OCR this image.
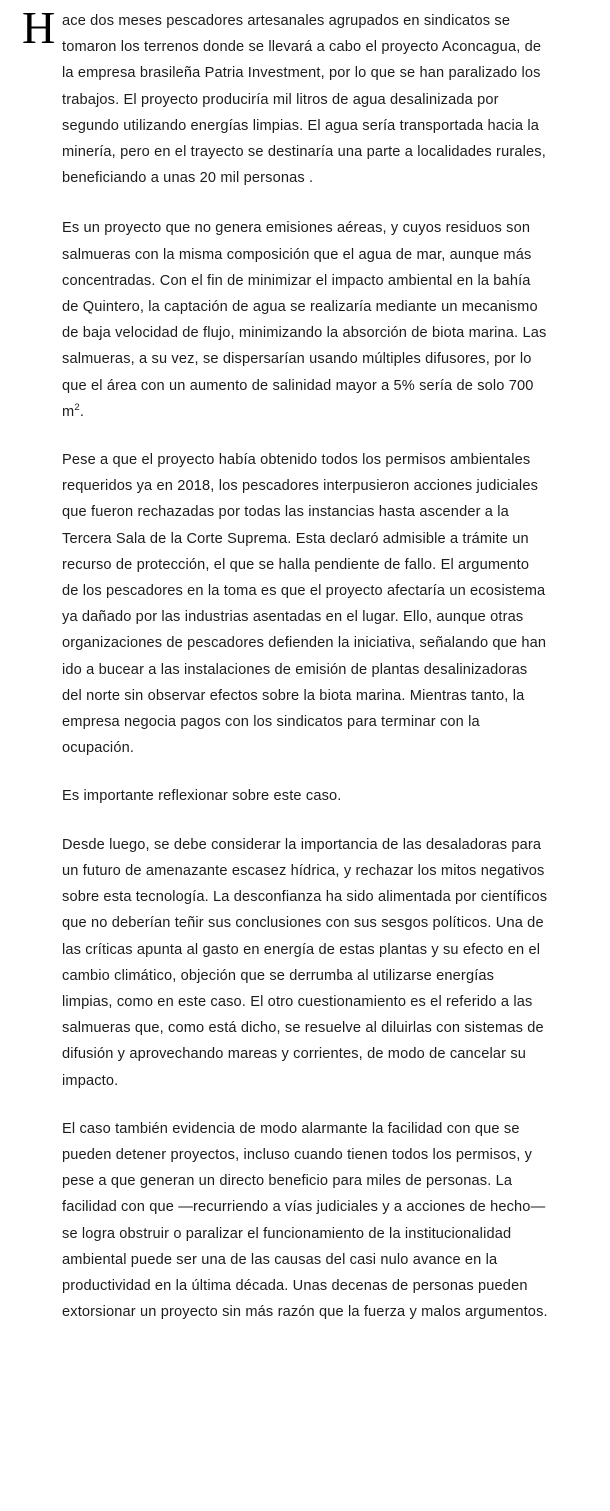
Hace dos meses pescadores artesanales agrupados en sindicatos se tomaron los terrenos donde se llevará a cabo el proyecto Aconcagua, de la empresa brasileña Patria Investment, por lo que se han paralizado los trabajos. El proyecto produciría mil litros de agua desalinizada por segundo utilizando energías limpias. El agua sería transportada hacia la minería, pero en el trayecto se destinaría una parte a localidades rurales, beneficiando a unas 20 mil personas .

Es un proyecto que no genera emisiones aéreas, y cuyos residuos son salmueras con la misma composición que el agua de mar, aunque más concentradas. Con el fin de minimizar el impacto ambiental en la bahía de Quintero, la captación de agua se realizaría mediante un mecanismo de baja velocidad de flujo, minimizando la absorción de biota marina. Las salmueras, a su vez, se dispersarían usando múltiples difusores, por lo que el área con un aumento de salinidad mayor a 5% sería de solo 700 $m^2$.

Pese a que el proyecto había obtenido todos los permisos ambientales requeridos ya en 2018, los pescadores interpusieron acciones judiciales que fueron rechazadas por todas las instancias hasta ascender a la Tercera Sala de la Corte Suprema. Esta declaró admisible a trámite un recurso de protección, el que se halla pendiente de fallo. El argumento de los pescadores en la toma es que el proyecto afectaría un ecosistema ya dañado por las industrias asentadas en el lugar. Ello, aunque otras organizaciones de pescadores defienden la iniciativa, señalando que han ido a bucear a las instalaciones de emisión de plantas desalinizadoras del norte sin observar efectos sobre la biota marina. Mientras tanto, la empresa negocia pagos con los sindicatos para terminar con la ocupación.

Es importante reflexionar sobre este caso.

Desde luego, se debe considerar la importancia de las desaladoras para un futuro de amenazante escasez hídrica, y rechazar los mitos negativos sobre esta tecnología. La desconfianza ha sido alimentada por científicos que no deberían teñir sus conclusiones con sus sesgos políticos. Una de las críticas apunta al gasto en energía de estas plantas y su efecto en el cambio climático, objeción que se derrumba al utilizarse energías limpias, como en este caso. El otro cuestionamiento es el referido a las salmueras que, como está dicho, se resuelve al diluirlas con sistemas de difusión y aprovechando mareas y corrientes, de modo de cancelar su impacto.

El caso también evidencia de modo alarmante la facilidad con que se pueden detener proyectos, incluso cuando tienen todos los permisos, y pese a que generan un directo beneficio para miles de personas. La facilidad con que —recurriendo a vías judiciales y a acciones de hecho— se logra obstruir o paralizar el funcionamiento de la institucionalidad ambiental puede ser una de las causas del casi nulo avance en la productividad en la última década. Unas decenas de personas pueden extorsionar un proyecto sin más razón que la fuerza y malos argumentos.
